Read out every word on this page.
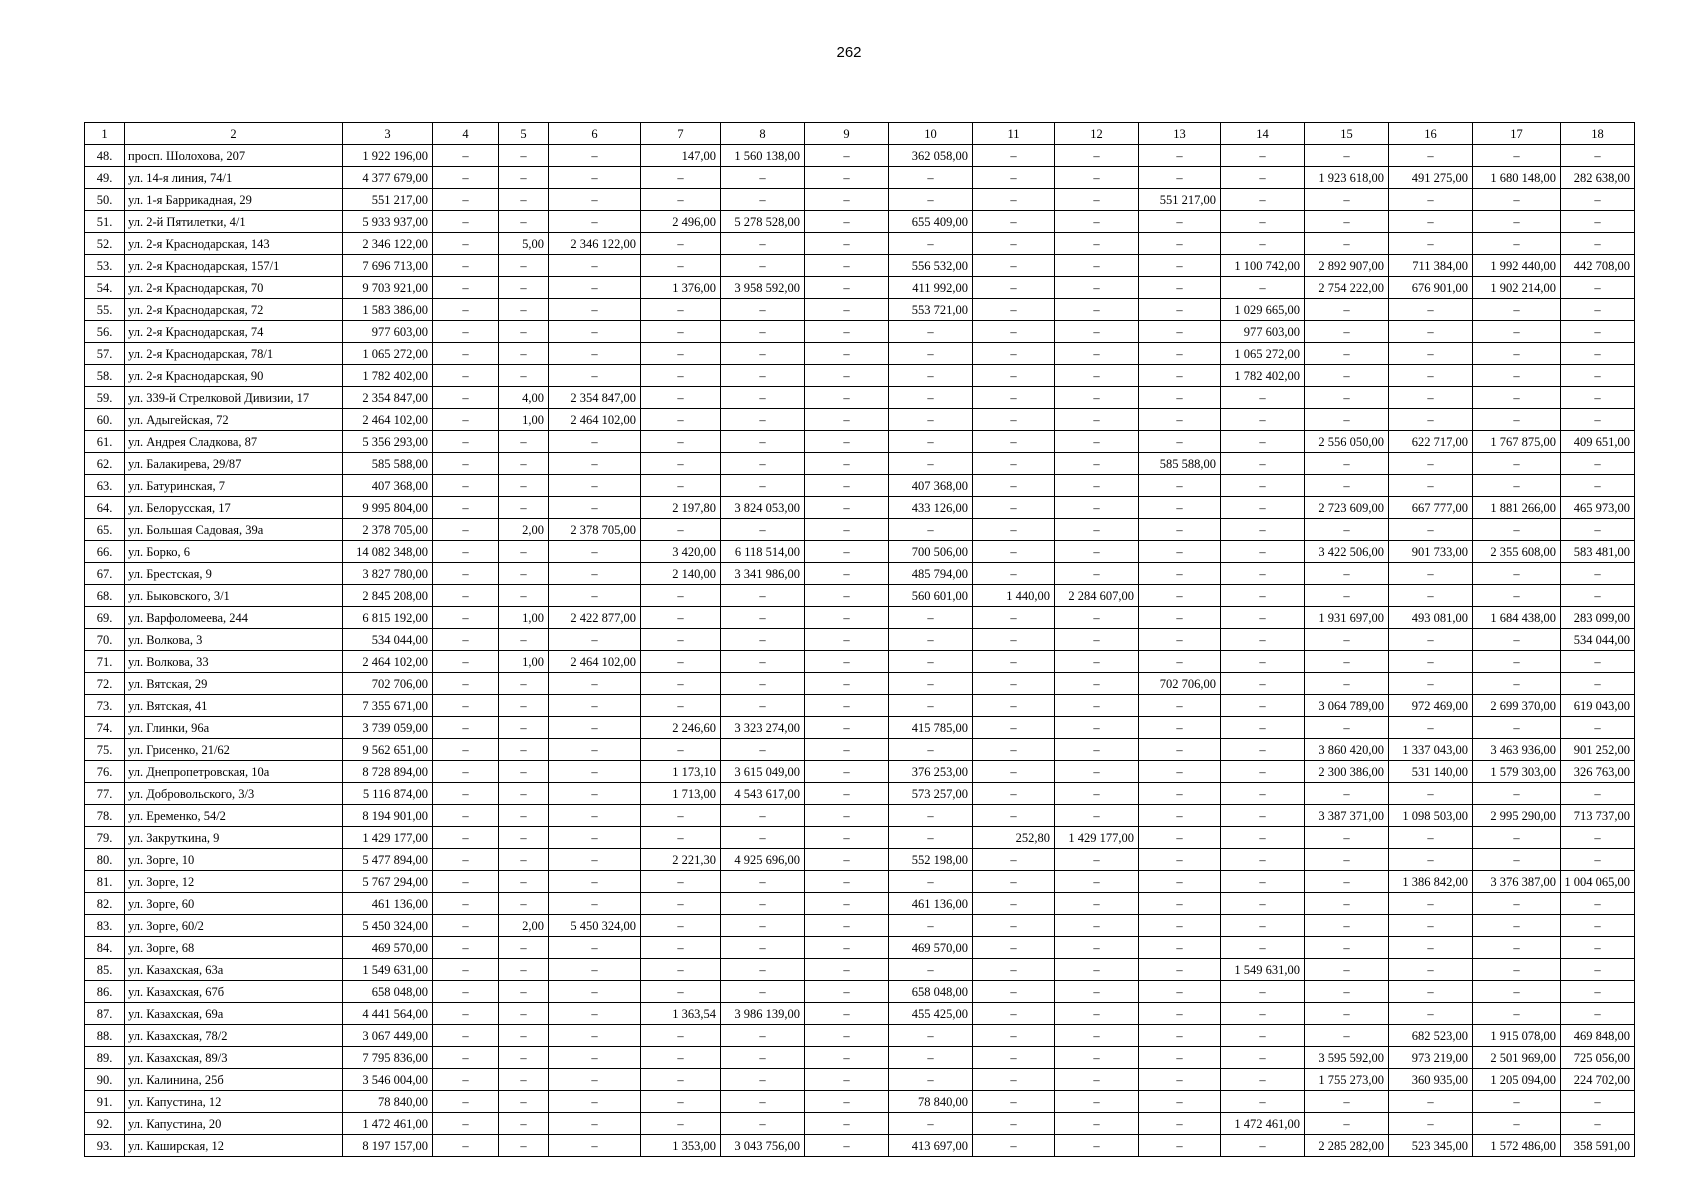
262
1	2	3	4	5	6	7	8	9	10	11	12	13	14	15	16	17	18
48.	просп. Шолохова, 207	1 922 196,00	–	–	–	147,00	1 560 138,00	–	362 058,00	–	–	–	–	–	–	–	–
49.	ул. 14-я линия, 74/1	4 377 679,00	–	–	–	–	–	–	–	–	–	–	–	1 923 618,00	491 275,00	1 680 148,00	282 638,00
50.	ул. 1-я Баррикадная, 29	551 217,00	–	–	–	–	–	–	–	–	–	551 217,00	–	–	–	–	–
51.	ул. 2-й Пятилетки, 4/1	5 933 937,00	–	–	–	2 496,00	5 278 528,00	–	655 409,00	–	–	–	–	–	–	–	–
52.	ул. 2-я Краснодарская, 143	2 346 122,00	–	5,00	2 346 122,00	–	–	–	–	–	–	–	–	–	–	–	–
53.	ул. 2-я Краснодарская, 157/1	7 696 713,00	–	–	–	–	–	–	556 532,00	–	–	–	1 100 742,00	2 892 907,00	711 384,00	1 992 440,00	442 708,00
54.	ул. 2-я Краснодарская, 70	9 703 921,00	–	–	–	1 376,00	3 958 592,00	–	411 992,00	–	–	–	–	2 754 222,00	676 901,00	1 902 214,00	–
55.	ул. 2-я Краснодарская, 72	1 583 386,00	–	–	–	–	–	–	553 721,00	–	–	–	1 029 665,00	–	–	–	–
56.	ул. 2-я Краснодарская, 74	977 603,00	–	–	–	–	–	–	–	–	–	–	977 603,00	–	–	–	–
57.	ул. 2-я Краснодарская, 78/1	1 065 272,00	–	–	–	–	–	–	–	–	–	–	1 065 272,00	–	–	–	–
58.	ул. 2-я Краснодарская, 90	1 782 402,00	–	–	–	–	–	–	–	–	–	–	1 782 402,00	–	–	–	–
59.	ул. 339-й Стрелковой Дивизии, 17	2 354 847,00	–	4,00	2 354 847,00	–	–	–	–	–	–	–	–	–	–	–	–
60.	ул. Адыгейская, 72	2 464 102,00	–	1,00	2 464 102,00	–	–	–	–	–	–	–	–	–	–	–	–
61.	ул. Андрея Сладкова, 87	5 356 293,00	–	–	–	–	–	–	–	–	–	–	–	2 556 050,00	622 717,00	1 767 875,00	409 651,00
62.	ул. Балакирева, 29/87	585 588,00	–	–	–	–	–	–	–	–	–	585 588,00	–	–	–	–	–
63.	ул. Батуринская, 7	407 368,00	–	–	–	–	–	–	407 368,00	–	–	–	–	–	–	–	–
64.	ул. Белорусская, 17	9 995 804,00	–	–	–	2 197,80	3 824 053,00	–	433 126,00	–	–	–	–	2 723 609,00	667 777,00	1 881 266,00	465 973,00
65.	ул. Большая Садовая, 39а	2 378 705,00	–	2,00	2 378 705,00	–	–	–	–	–	–	–	–	–	–	–	–
66.	ул. Борко, 6	14 082 348,00	–	–	–	3 420,00	6 118 514,00	–	700 506,00	–	–	–	–	3 422 506,00	901 733,00	2 355 608,00	583 481,00
67.	ул. Брестская, 9	3 827 780,00	–	–	–	2 140,00	3 341 986,00	–	485 794,00	–	–	–	–	–	–	–	–
68.	ул. Быковского, 3/1	2 845 208,00	–	–	–	–	–	–	560 601,00	1 440,00	2 284 607,00	–	–	–	–	–	–
69.	ул. Варфоломеева, 244	6 815 192,00	–	1,00	2 422 877,00	–	–	–	–	–	–	–	–	1 931 697,00	493 081,00	1 684 438,00	283 099,00
70.	ул. Волкова, 3	534 044,00	–	–	–	–	–	–	–	–	–	–	–	–	–	–	534 044,00
71.	ул. Волкова, 33	2 464 102,00	–	1,00	2 464 102,00	–	–	–	–	–	–	–	–	–	–	–	–
72.	ул. Вятская, 29	702 706,00	–	–	–	–	–	–	–	–	–	702 706,00	–	–	–	–	–
73.	ул. Вятская, 41	7 355 671,00	–	–	–	–	–	–	–	–	–	–	–	3 064 789,00	972 469,00	2 699 370,00	619 043,00
74.	ул. Глинки, 96а	3 739 059,00	–	–	–	2 246,60	3 323 274,00	–	415 785,00	–	–	–	–	–	–	–	–
75.	ул. Грисенко, 21/62	9 562 651,00	–	–	–	–	–	–	–	–	–	–	–	3 860 420,00	1 337 043,00	3 463 936,00	901 252,00
76.	ул. Днепропетровская, 10а	8 728 894,00	–	–	–	1 173,10	3 615 049,00	–	376 253,00	–	–	–	–	2 300 386,00	531 140,00	1 579 303,00	326 763,00
77.	ул. Добровольского, 3/3	5 116 874,00	–	–	–	1 713,00	4 543 617,00	–	573 257,00	–	–	–	–	–	–	–	–
78.	ул. Еременко, 54/2	8 194 901,00	–	–	–	–	–	–	–	–	–	–	–	3 387 371,00	1 098 503,00	2 995 290,00	713 737,00
79.	ул. Закруткина, 9	1 429 177,00	–	–	–	–	–	–	–	252,80	1 429 177,00	–	–	–	–	–	–
80.	ул. Зорге, 10	5 477 894,00	–	–	–	2 221,30	4 925 696,00	–	552 198,00	–	–	–	–	–	–	–	–
81.	ул. Зорге, 12	5 767 294,00	–	–	–	–	–	–	–	–	–	–	–	–	1 386 842,00	3 376 387,00	1 004 065,00
82.	ул. Зорге, 60	461 136,00	–	–	–	–	–	–	461 136,00	–	–	–	–	–	–	–	–
83.	ул. Зорге, 60/2	5 450 324,00	–	2,00	5 450 324,00	–	–	–	–	–	–	–	–	–	–	–	–
84.	ул. Зорге, 68	469 570,00	–	–	–	–	–	–	469 570,00	–	–	–	–	–	–	–	–
85.	ул. Казахская, 63а	1 549 631,00	–	–	–	–	–	–	–	–	–	–	1 549 631,00	–	–	–	–
86.	ул. Казахская, 67б	658 048,00	–	–	–	–	–	–	658 048,00	–	–	–	–	–	–	–	–
87.	ул. Казахская, 69а	4 441 564,00	–	–	–	1 363,54	3 986 139,00	–	455 425,00	–	–	–	–	–	–	–	–
88.	ул. Казахская, 78/2	3 067 449,00	–	–	–	–	–	–	–	–	–	–	–	–	682 523,00	1 915 078,00	469 848,00
89.	ул. Казахская, 89/3	7 795 836,00	–	–	–	–	–	–	–	–	–	–	–	3 595 592,00	973 219,00	2 501 969,00	725 056,00
90.	ул. Калинина, 25б	3 546 004,00	–	–	–	–	–	–	–	–	–	–	–	1 755 273,00	360 935,00	1 205 094,00	224 702,00
91.	ул. Капустина, 12	78 840,00	–	–	–	–	–	–	78 840,00	–	–	–	–	–	–	–	–
92.	ул. Капустина, 20	1 472 461,00	–	–	–	–	–	–	–	–	–	–	1 472 461,00	–	–	–	–
93.	ул. Каширская, 12	8 197 157,00	–	–	–	1 353,00	3 043 756,00	–	413 697,00	–	–	–	–	2 285 282,00	523 345,00	1 572 486,00	358 591,00
